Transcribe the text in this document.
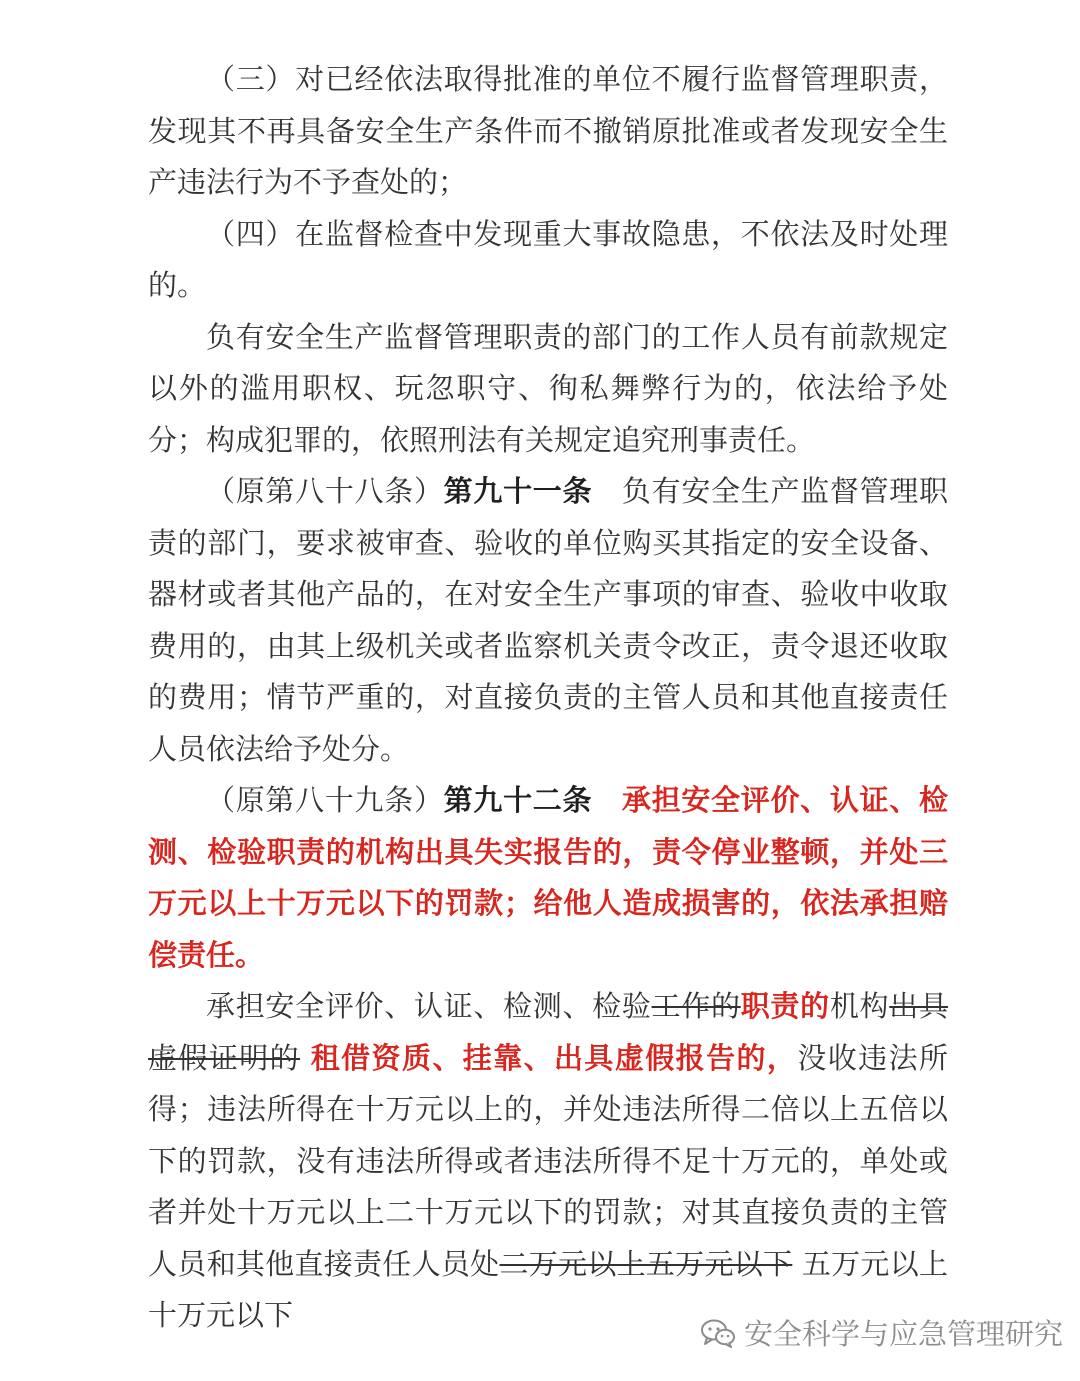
（三）对已经依法取得批准的单位不履行监督管理职责，发现其不再具备安全生产条件而不撤销原批准或者发现安全生产违法行为不予查处的；

（四）在监督检查中发现重大事故隐患，不依法及时处理的。

负有安全生产监督管理职责的部门的工作人员有前款规定以外的滥用职权、玩忽职守、徇私舞弊行为的，依法给予处分；构成犯罪的，依照刑法有关规定追究刑事责任。

（原第八十八条）第九十一条　负有安全生产监督管理职责的部门，要求被审查、验收的单位购买其指定的安全设备、器材或者其他产品的，在对安全生产事项的审查、验收中收取费用的，由其上级机关或者监察机关责令改正，责令退还收取的费用；情节严重的，对直接负责的主管人员和其他直接责任人员依法给予处分。

（原第八十九条）第九十二条　承担安全评价、认证、检测、检验职责的机构出具失实报告的，责令停业整顿，并处三万元以上十万元以下的罚款；给他人造成损害的，依法承担赔偿责任。

承担安全评价、认证、检测、检验工作的职责的机构出具虚假证明的 租借资质、挂靠、出具虚假报告的，没收违法所得；违法所得在十万元以上的，并处违法所得二倍以上五倍以下的罚款，没有违法所得或者违法所得不足十万元的，单处或者并处十万元以上二十万元以下的罚款；对其直接负责的主管人员和其他直接责任人员处二万元以上五万元以下 五万元以上十万元以下

安全科学与应急管理研究
